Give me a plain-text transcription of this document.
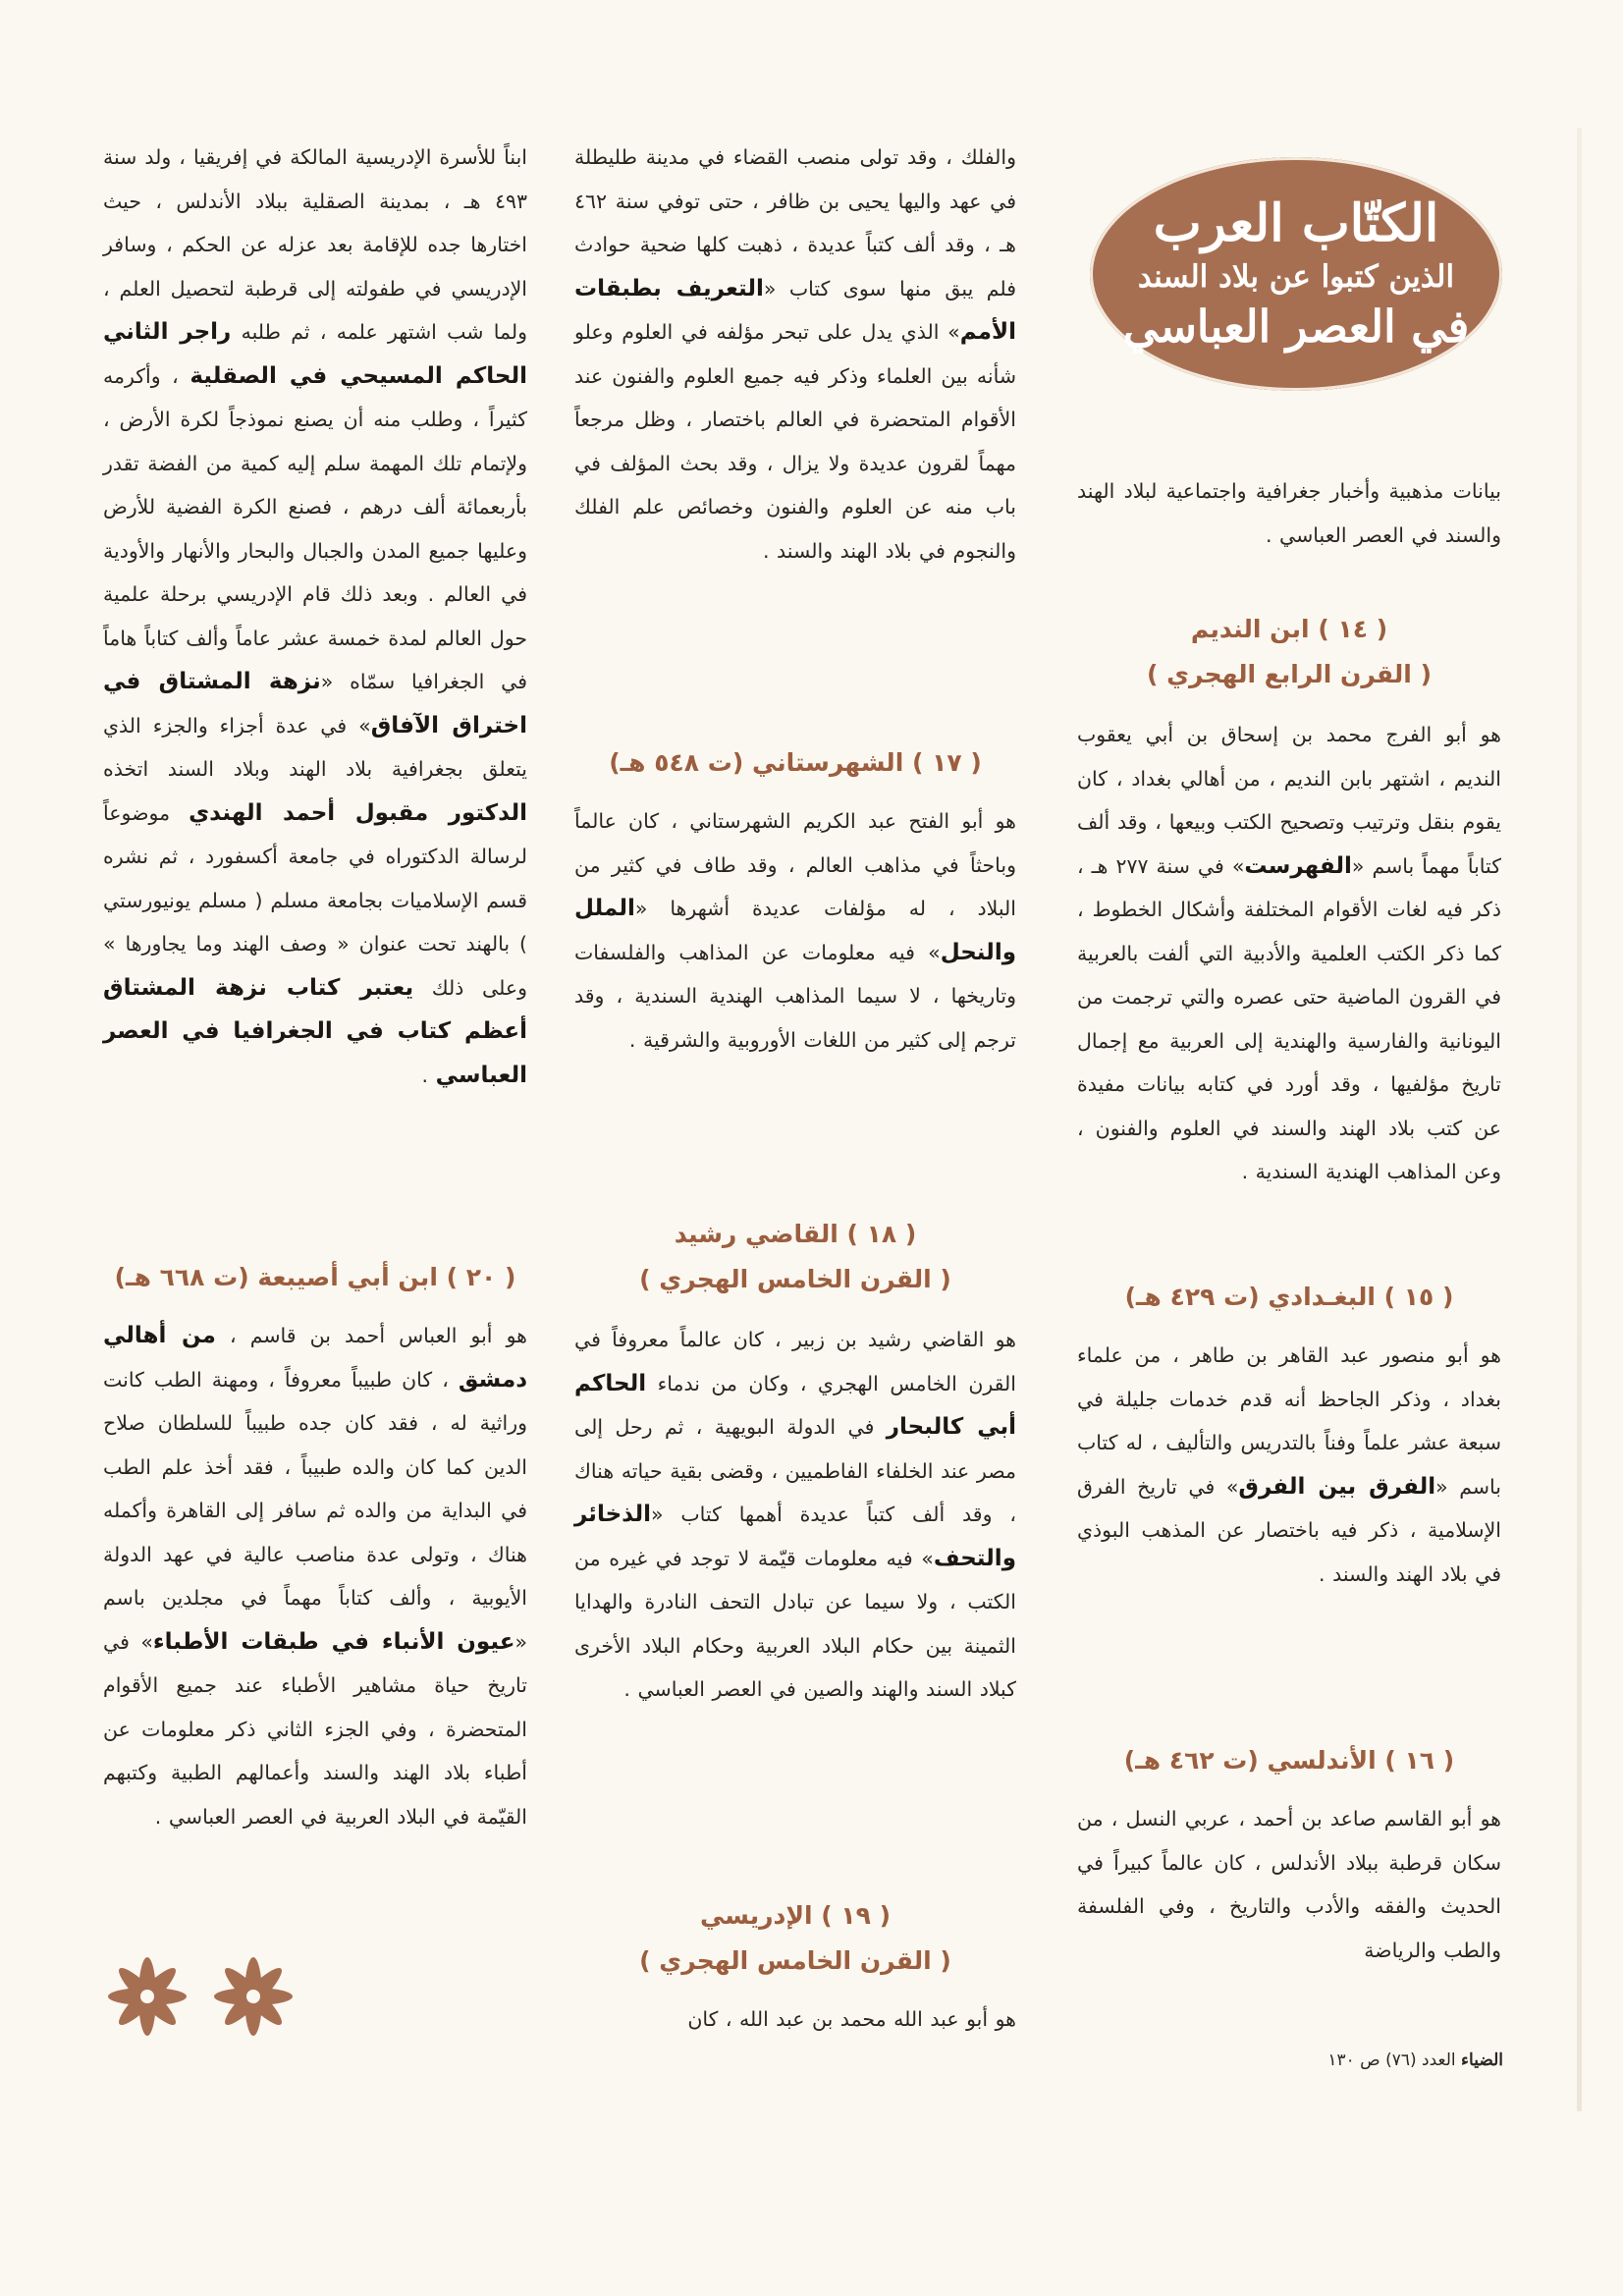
الكتّاب العرب
الذين كتبوا عن بلاد السند
في العصر العباسي

بيانات مذهبية وأخبار جغرافية واجتماعية لبلاد الهند والسند في العصر العباسي .

( ١٤ ) ابن النديم

( القرن الرابع الهجري )

هو أبو الفرج محمد بن إسحاق بن أبي يعقوب النديم ، اشتهر بابن النديم ، من أهالي بغداد ، كان يقوم بنقل وترتيب وتصحيح الكتب وبيعها ، وقد ألف كتاباً مهماً باسم «الفهرست» في سنة ٢٧٧ هـ ، ذكر فيه لغات الأقوام المختلفة وأشكال الخطوط ، كما ذكر الكتب العلمية والأدبية التي ألفت بالعربية في القرون الماضية حتى عصره والتي ترجمت من اليونانية والفارسية والهندية إلى العربية مع إجمال تاريخ مؤلفيها ، وقد أورد في كتابه بيانات مفيدة عن كتب بلاد الهند والسند في العلوم والفنون ، وعن المذاهب الهندية السندية .

( ١٥ ) البغـدادي (ت ٤٢٩ هـ)

هو أبو منصور عبد القاهر بن طاهر ، من علماء بغداد ، وذكر الجاحظ أنه قدم خدمات جليلة في سبعة عشر علماً وفناً بالتدريس والتأليف ، له كتاب باسم «الفرق بين الفرق» في تاريخ الفرق الإسلامية ، ذكر فيه باختصار عن المذهب البوذي في بلاد الهند والسند .

( ١٦ ) الأندلسي (ت ٤٦٢ هـ)

هو أبو القاسم صاعد بن أحمد ، عربي النسل ، من سكان قرطبة ببلاد الأندلس ، كان عالماً كبيراً في الحديث والفقه والأدب والتاريخ ، وفي الفلسفة والطب والرياضة

والفلك ، وقد تولى منصب القضاء في مدينة طليطلة في عهد واليها يحيى بن ظافر ، حتى توفي سنة ٤٦٢ هـ ، وقد ألف كتباً عديدة ، ذهبت كلها ضحية حوادث فلم يبق منها سوى كتاب «التعريف بطبقات الأمم» الذي يدل على تبحر مؤلفه في العلوم وعلو شأنه بين العلماء وذكر فيه جميع العلوم والفنون عند الأقوام المتحضرة في العالم باختصار ، وظل مرجعاً مهماً لقرون عديدة ولا يزال ، وقد بحث المؤلف في باب منه عن العلوم والفنون وخصائص علم الفلك والنجوم في بلاد الهند والسند .

( ١٧ ) الشهرستاني (ت ٥٤٨ هـ)

هو أبو الفتح عبد الكريم الشهرستاني ، كان عالماً وباحثاً في مذاهب العالم ، وقد طاف في كثير من البلاد ، له مؤلفات عديدة أشهرها «الملل والنحل» فيه معلومات عن المذاهب والفلسفات وتاريخها ، لا سيما المذاهب الهندية السندية ، وقد ترجم إلى كثير من اللغات الأوروبية والشرقية .

( ١٨ ) القاضي رشيد

( القرن الخامس الهجري )

هو القاضي رشيد بن زبير ، كان عالماً معروفاً في القرن الخامس الهجري ، وكان من ندماء الحاكم أبي كالبحار في الدولة البويهية ، ثم رحل إلى مصر عند الخلفاء الفاطميين ، وقضى بقية حياته هناك ، وقد ألف كتباً عديدة أهمها كتاب «الذخائر والتحف» فيه معلومات قيّمة لا توجد في غيره من الكتب ، ولا سيما عن تبادل التحف النادرة والهدايا الثمينة بين حكام البلاد العربية وحكام البلاد الأخرى كبلاد السند والهند والصين في العصر العباسي .

( ١٩ ) الإدريسي

( القرن الخامس الهجري )

هو أبو عبد الله محمد بن عبد الله ، كان

ابناً للأسرة الإدريسية المالكة في إفريقيا ، ولد سنة ٤٩٣ هـ ، بمدينة الصقلية ببلاد الأندلس ، حيث اختارها جده للإقامة بعد عزله عن الحكم ، وسافر الإدريسي في طفولته إلى قرطبة لتحصيل العلم ، ولما شب اشتهر علمه ، ثم طلبه راجر الثاني الحاكم المسيحي في الصقلية ، وأكرمه كثيراً ، وطلب منه أن يصنع نموذجاً لكرة الأرض ، ولإتمام تلك المهمة سلم إليه كمية من الفضة تقدر بأربعمائة ألف درهم ، فصنع الكرة الفضية للأرض وعليها جميع المدن والجبال والبحار والأنهار والأودية في العالم . وبعد ذلك قام الإدريسي برحلة علمية حول العالم لمدة خمسة عشر عاماً وألف كتاباً هاماً في الجغرافيا سمّاه «نزهة المشتاق في اختراق الآفاق» في عدة أجزاء والجزء الذي يتعلق بجغرافية بلاد الهند وبلاد السند اتخذه الدكتور مقبول أحمد الهندي موضوعاً لرسالة الدكتوراه في جامعة أكسفورد ، ثم نشره قسم الإسلاميات بجامعة مسلم ( مسلم يونيورستي ) بالهند تحت عنوان « وصف الهند وما يجاورها » وعلى ذلك يعتبر كتاب نزهة المشتاق أعظم كتاب في الجغرافيا في العصر العباسي .

( ٢٠ ) ابن أبي أصيبعة (ت ٦٦٨ هـ)

هو أبو العباس أحمد بن قاسم ، من أهالي دمشق ، كان طبيباً معروفاً ، ومهنة الطب كانت وراثية له ، فقد كان جده طبيباً للسلطان صلاح الدين كما كان والده طبيباً ، فقد أخذ علم الطب في البداية من والده ثم سافر إلى القاهرة وأكمله هناك ، وتولى عدة مناصب عالية في عهد الدولة الأيوبية ، وألف كتاباً مهماً في مجلدين باسم «عيون الأنباء في طبقات الأطباء» في تاريخ حياة مشاهير الأطباء عند جميع الأقوام المتحضرة ، وفي الجزء الثاني ذكر معلومات عن أطباء بلاد الهند والسند وأعمالهم الطبية وكتبهم القيّمة في البلاد العربية في العصر العباسي .

الضياء العدد (٧٦) ص ١٣٠
